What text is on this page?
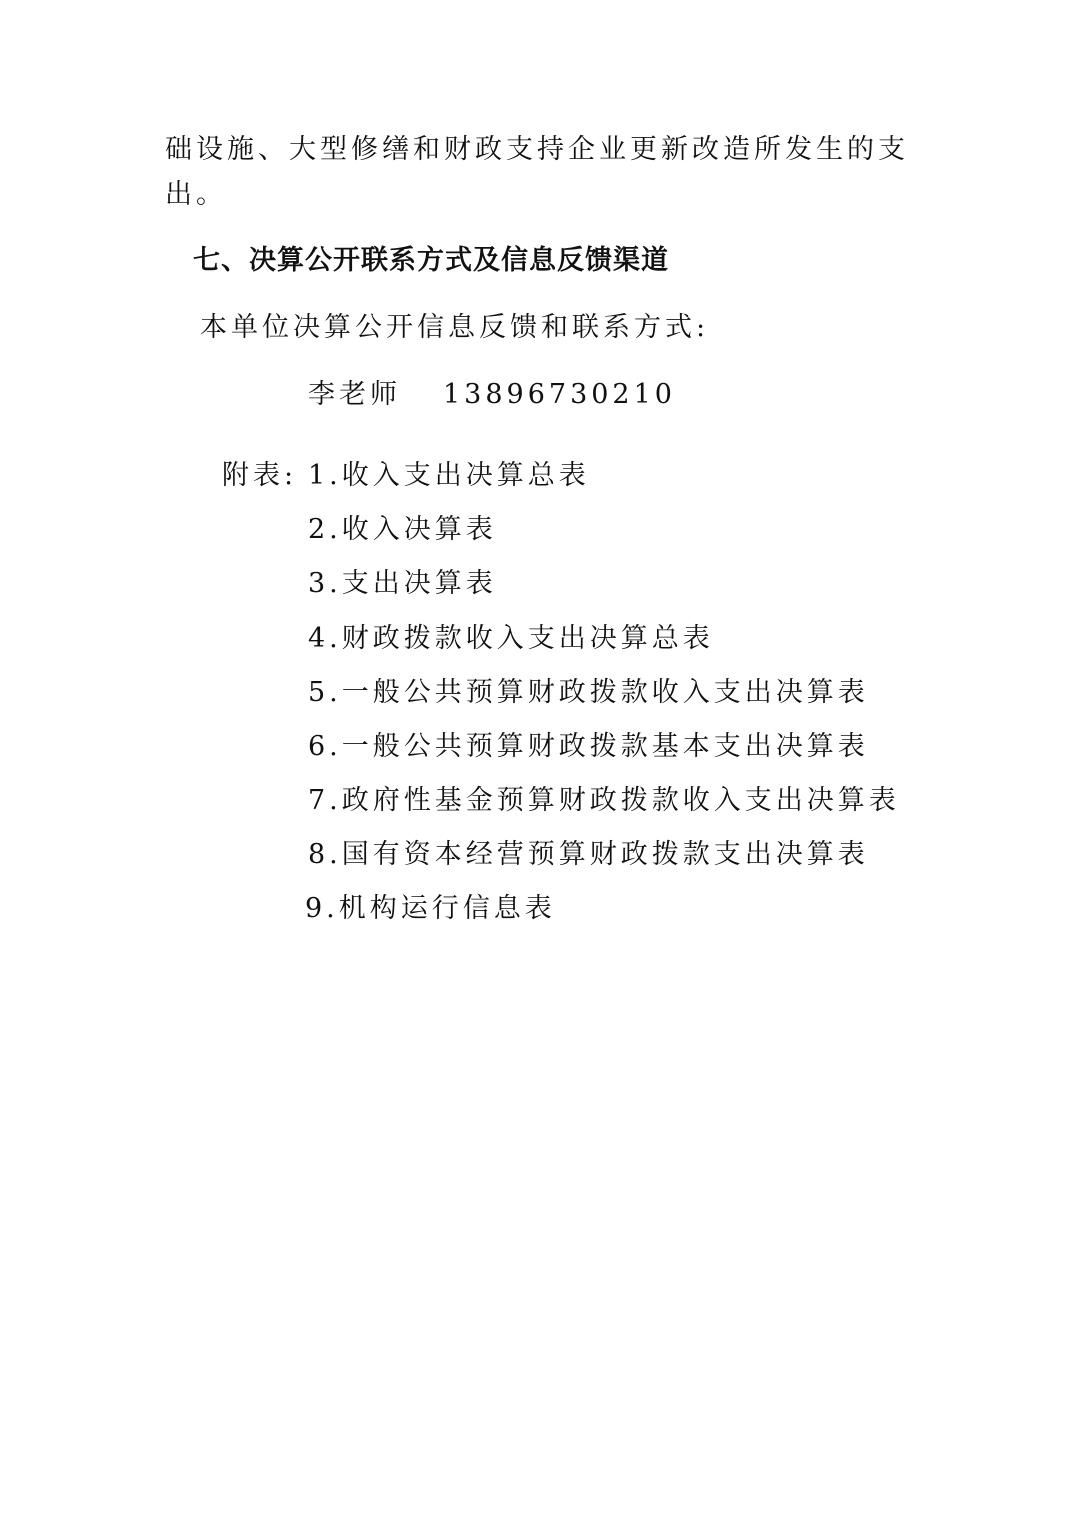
础设施、大型修缮和财政支持企业更新改造所发生的支
出。
七、决算公开联系方式及信息反馈渠道
本单位决算公开信息反馈和联系方式:
李老师 13896730210
附表: 1.收入支出决算总表
2.收入决算表
3.支出决算表
4.财政拨款收入支出决算总表
5.一般公共预算财政拨款收入支出决算表
6.一般公共预算财政拨款基本支出决算表
7.政府性基金预算财政拨款收入支出决算表
8.国有资本经营预算财政拨款支出决算表
9.机构运行信息表
